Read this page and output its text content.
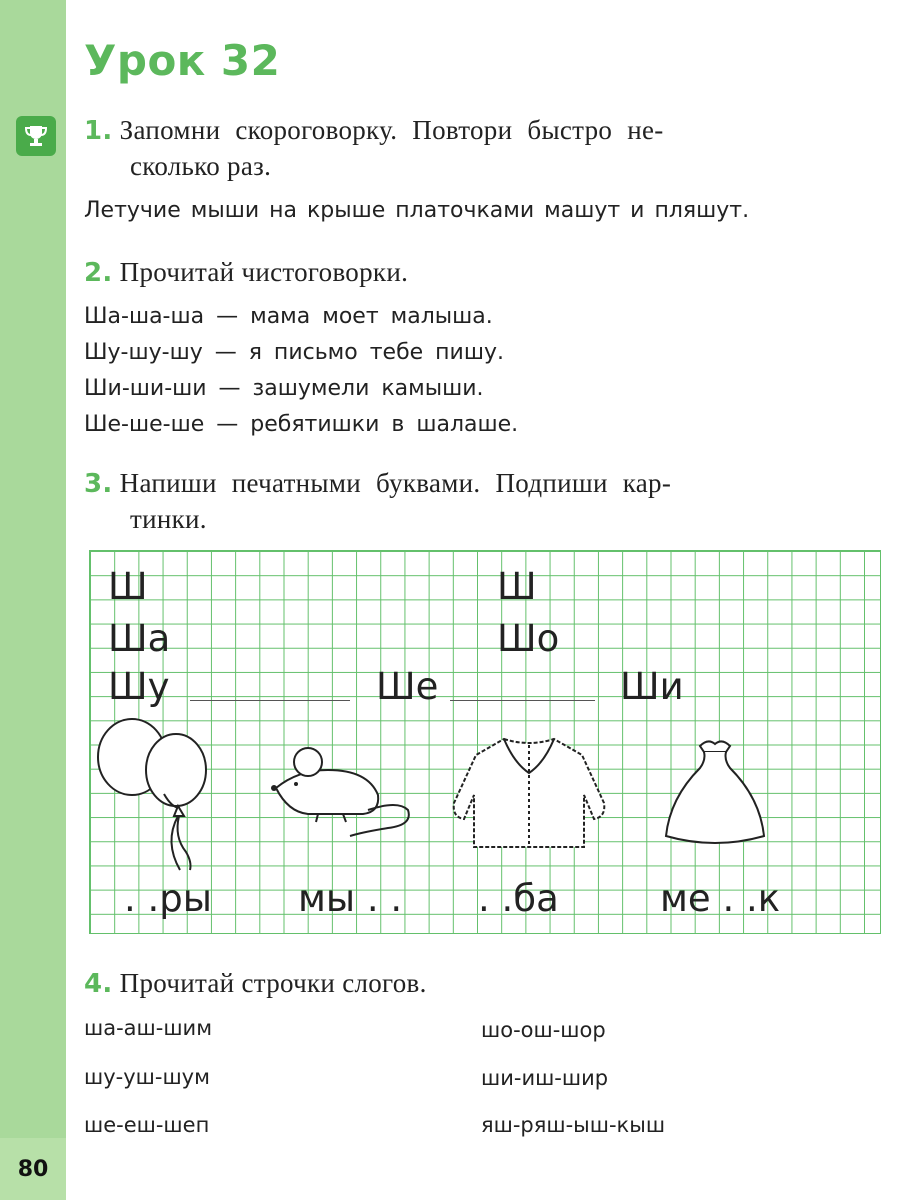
80
Урок 32
1. Запомни скороговорку. Повтори быстро не-
сколько раз.
Летучие мыши на крыше платочками машут и пляшут.
2. Прочитай чистоговорки.
Ша-ша-ша — мама моет малыша.
Шу-шу-шу — я письмо тебе пишу.
Ши-ши-ши — зашумели камыши.
Ше-ше-ше — ребятишки в шалаше.
3. Напиши печатными буквами. Подпиши кар-
тинки.
Ш
Ша
Шу
Ш
Шо
Ше	Ши
. .ры мы . . . .ба	ме . .к
4. Прочитай строчки слогов.
ша-аш-шим
шу-уш-шум
ше-еш-шеп
шо-ош-шор
ши-иш-шир
яш-ряш-ыш-кыш
